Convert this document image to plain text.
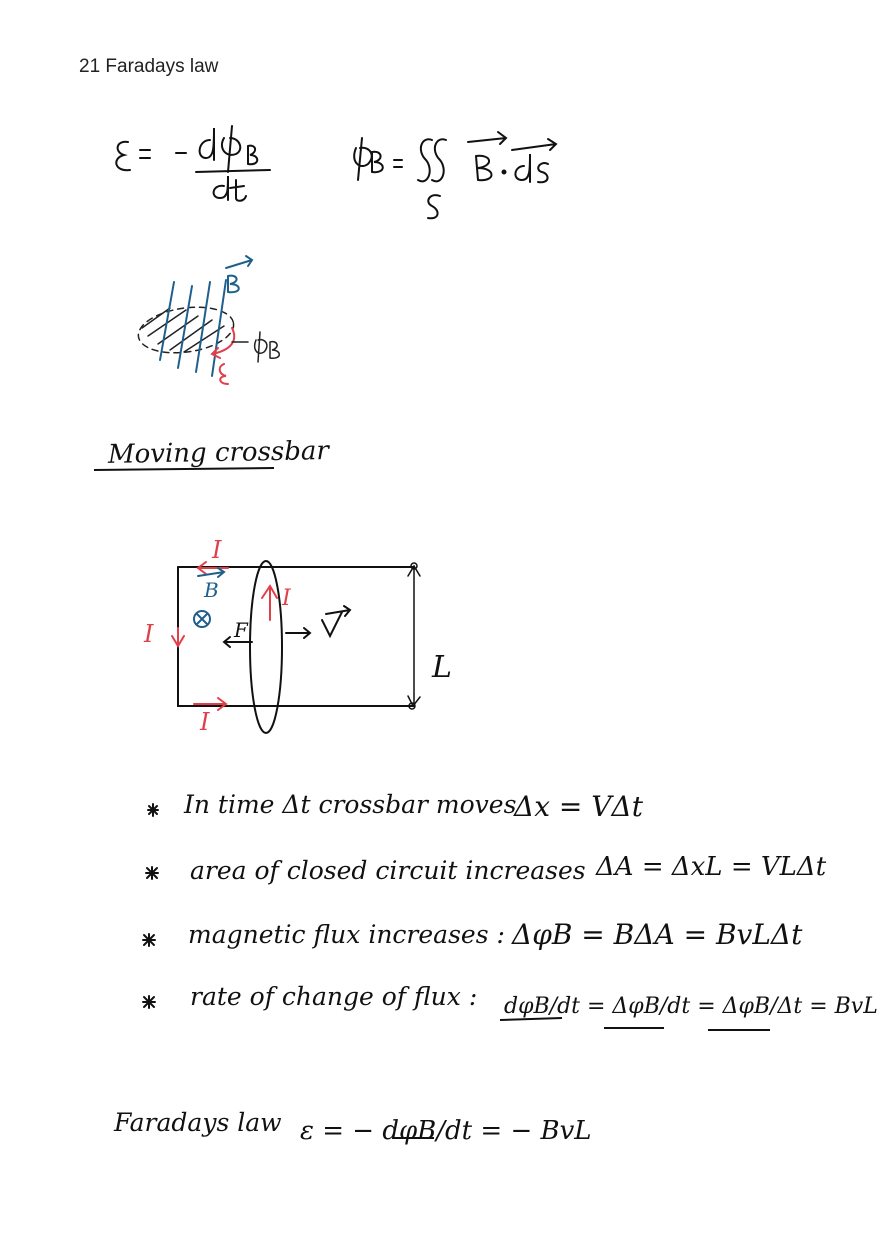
21 Faradays law
Moving crossbar
I
B	I
I	F
L
I
In time Δt crossbar moves
Δx = VΔt
area of closed circuit increases ΔA = ΔxL = VLΔt
magnetic flux increases : ΔφB = BΔA = BvLΔt
rate of change of flux : dφB/dt = ΔφB/dt = ΔφB/Δt = BvL
Faradays law ε = − dφB/dt = − BvL
